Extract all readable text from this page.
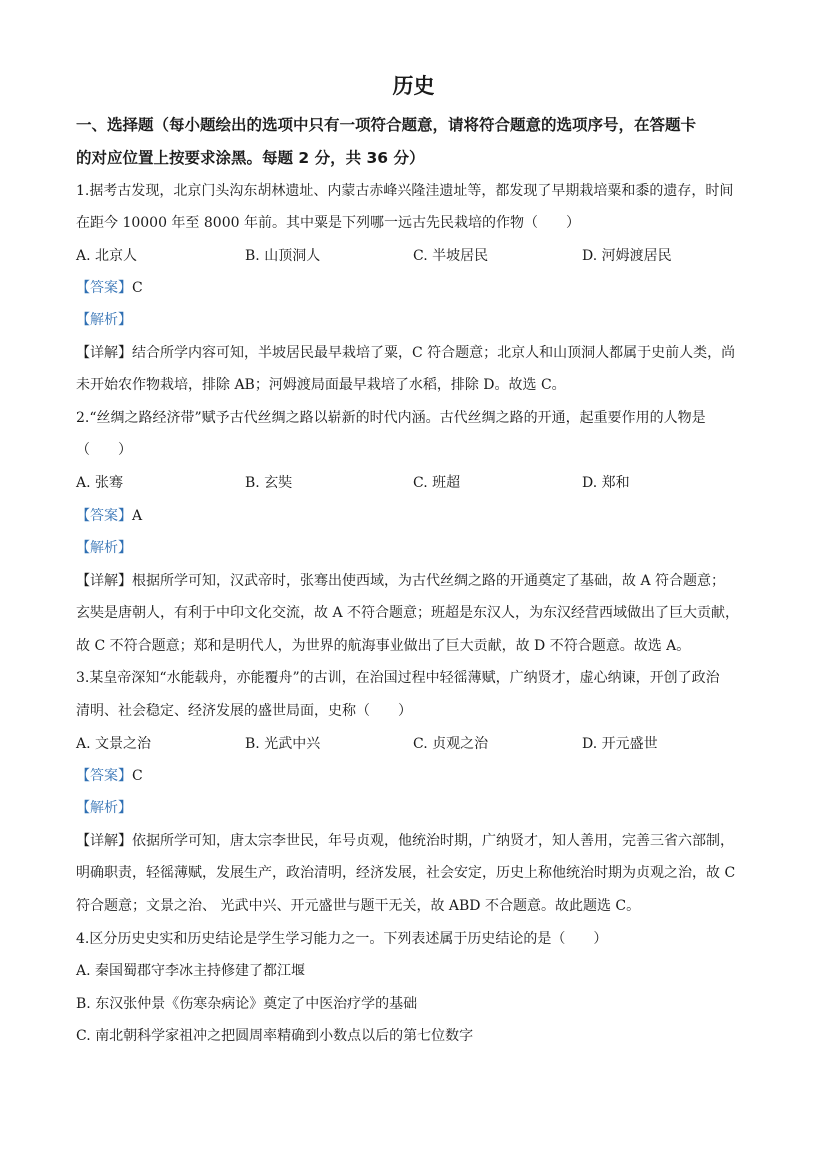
历史
一、选择题（每小题绘出的选项中只有一项符合题意，请将符合题意的选项序号，在答题卡
的对应位置上按要求涂黑。每题 2 分，共 36 分）
1.据考古发现，北京门头沟东胡林遗址、内蒙古赤峰兴隆洼遗址等，都发现了早期栽培粟和黍的遗存，时间
在距今 10000 年至 8000 年前。其中粟是下列哪一远古先民栽培的作物（　　）
A. 北京人	B. 山顶洞人	C. 半坡居民	D. 河姆渡居民
【答案】C
【解析】
【详解】结合所学内容可知，半坡居民最早栽培了粟，C 符合题意；北京人和山顶洞人都属于史前人类，尚
未开始农作物栽培，排除 AB；河姆渡局面最早栽培了水稻，排除 D。故选 C。
2.“丝绸之路经济带”赋予古代丝绸之路以崭新的时代内涵。古代丝绸之路的开通，起重要作用的人物是
（　　）
A. 张骞	B. 玄奘	C. 班超	D. 郑和
【答案】A
【解析】
【详解】根据所学可知，汉武帝时，张骞出使西域，为古代丝绸之路的开通奠定了基础，故 A 符合题意；
玄奘是唐朝人，有利于中印文化交流，故 A 不符合题意；班超是东汉人，为东汉经营西域做出了巨大贡献，
故 C 不符合题意；郑和是明代人，为世界的航海事业做出了巨大贡献，故 D 不符合题意。故选 A。
3.某皇帝深知“水能载舟，亦能覆舟”的古训，在治国过程中轻徭薄赋，广纳贤才，虚心纳谏，开创了政治
清明、社会稳定、经济发展的盛世局面，史称（　　）
A. 文景之治	B. 光武中兴	C. 贞观之治	D. 开元盛世
【答案】C
【解析】
【详解】依据所学可知，唐太宗李世民，年号贞观，他统治时期，广纳贤才，知人善用，完善三省六部制，
明确职责，轻徭薄赋，发展生产，政治清明，经济发展，社会安定，历史上称他统治时期为贞观之治，故 C
符合题意；文景之治、 光武中兴、开元盛世与题干无关，故 ABD 不合题意。故此题选 C。
4.区分历史史实和历史结论是学生学习能力之一。下列表述属于历史结论的是（　　）
A. 秦国蜀郡守李冰主持修建了都江堰
B. 东汉张仲景《伤寒杂病论》奠定了中医治疗学的基础
C. 南北朝科学家祖冲之把圆周率精确到小数点以后的第七位数字
